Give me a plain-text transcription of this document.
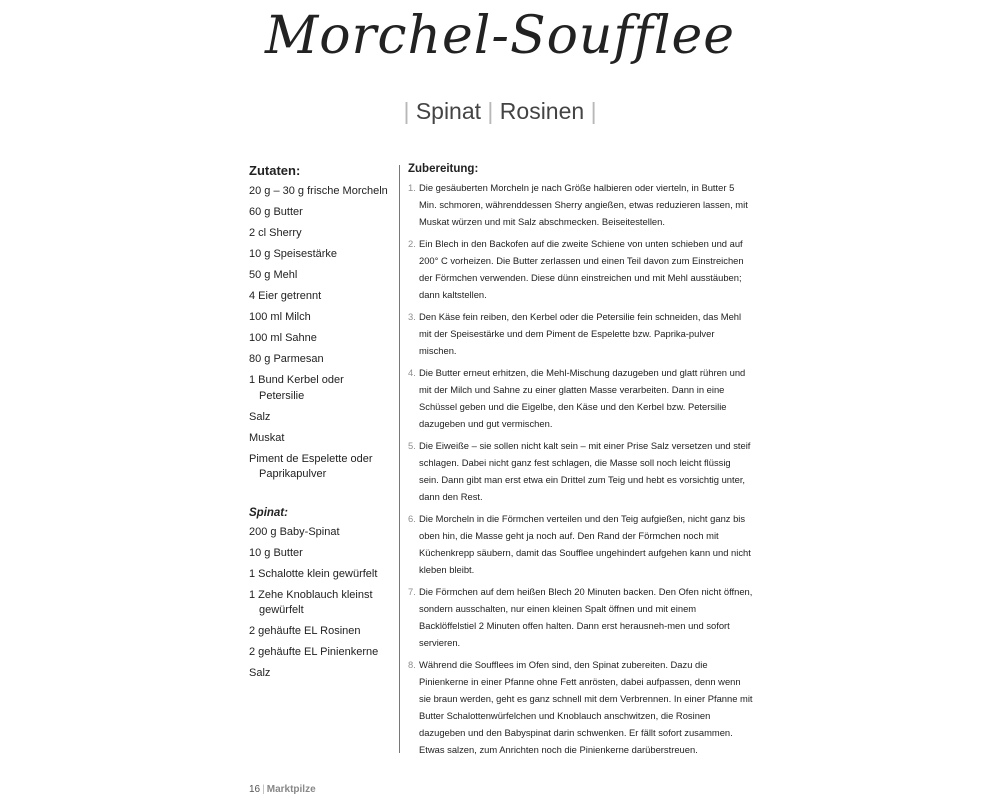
Morchel-Soufflee
| Spinat | Rosinen |
Zutaten:
20 g – 30 g frische Morcheln
60 g Butter
2 cl Sherry
10 g Speisestärke
50 g Mehl
4 Eier getrennt
100 ml Milch
100 ml Sahne
80 g Parmesan
1 Bund Kerbel oder
Petersilie
Salz
Muskat
Piment de Espelette oder
Paprikapulver
Spinat:
200 g Baby-Spinat
10 g Butter
1 Schalotte klein gewürfelt
1 Zehe Knoblauch kleinst
gewürfelt
2 gehäufte EL Rosinen
2 gehäufte EL Pinienkerne
Salz
Zubereitung:
1. Die gesäuberten Morcheln je nach Größe halbieren oder vierteln, in Butter 5 Min. schmoren, währenddessen Sherry angießen, etwas reduzieren lassen, mit Muskat würzen und mit Salz abschmecken. Beiseitestellen.
2. Ein Blech in den Backofen auf die zweite Schiene von unten schieben und auf 200° C vorheizen. Die Butter zerlassen und einen Teil davon zum Einstreichen der Förmchen verwenden. Diese dünn einstreichen und mit Mehl ausstäuben; dann kaltstellen.
3. Den Käse fein reiben, den Kerbel oder die Petersilie fein schneiden, das Mehl mit der Speisestärke und dem Piment de Espelette bzw. Paprika-pulver mischen.
4. Die Butter erneut erhitzen, die Mehl-Mischung dazugeben und glatt rühren und mit der Milch und Sahne zu einer glatten Masse verarbeiten. Dann in eine Schüssel geben und die Eigelbe, den Käse und den Kerbel bzw. Petersilie dazugeben und gut vermischen.
5. Die Eiweiße – sie sollen nicht kalt sein – mit einer Prise Salz versetzen und steif schlagen. Dabei nicht ganz fest schlagen, die Masse soll noch leicht flüssig sein. Dann gibt man erst etwa ein Drittel zum Teig und hebt es vorsichtig unter, dann den Rest.
6. Die Morcheln in die Förmchen verteilen und den Teig aufgießen, nicht ganz bis oben hin, die Masse geht ja noch auf. Den Rand der Förmchen noch mit Küchenkrepp säubern, damit das Soufflee ungehindert aufgehen kann und nicht kleben bleibt.
7. Die Förmchen auf dem heißen Blech 20 Minuten backen. Den Ofen nicht öffnen, sondern ausschalten, nur einen kleinen Spalt öffnen und mit einem Backlöffelstiel 2 Minuten offen halten. Dann erst herausneh-men und sofort servieren.
8. Während die Soufflees im Ofen sind, den Spinat zubereiten. Dazu die Pinienkerne in einer Pfanne ohne Fett anrösten, dabei aufpassen, denn wenn sie braun werden, geht es ganz schnell mit dem Verbrennen. In einer Pfanne mit Butter Schalottenwürfelchen und Knoblauch anschwitzen, die Rosinen dazugeben und den Babyspinat darin schwenken. Er fällt sofort zusammen. Etwas salzen, zum Anrichten noch die Pinienkerne darüberstreuen.
16 | Marktpilze
